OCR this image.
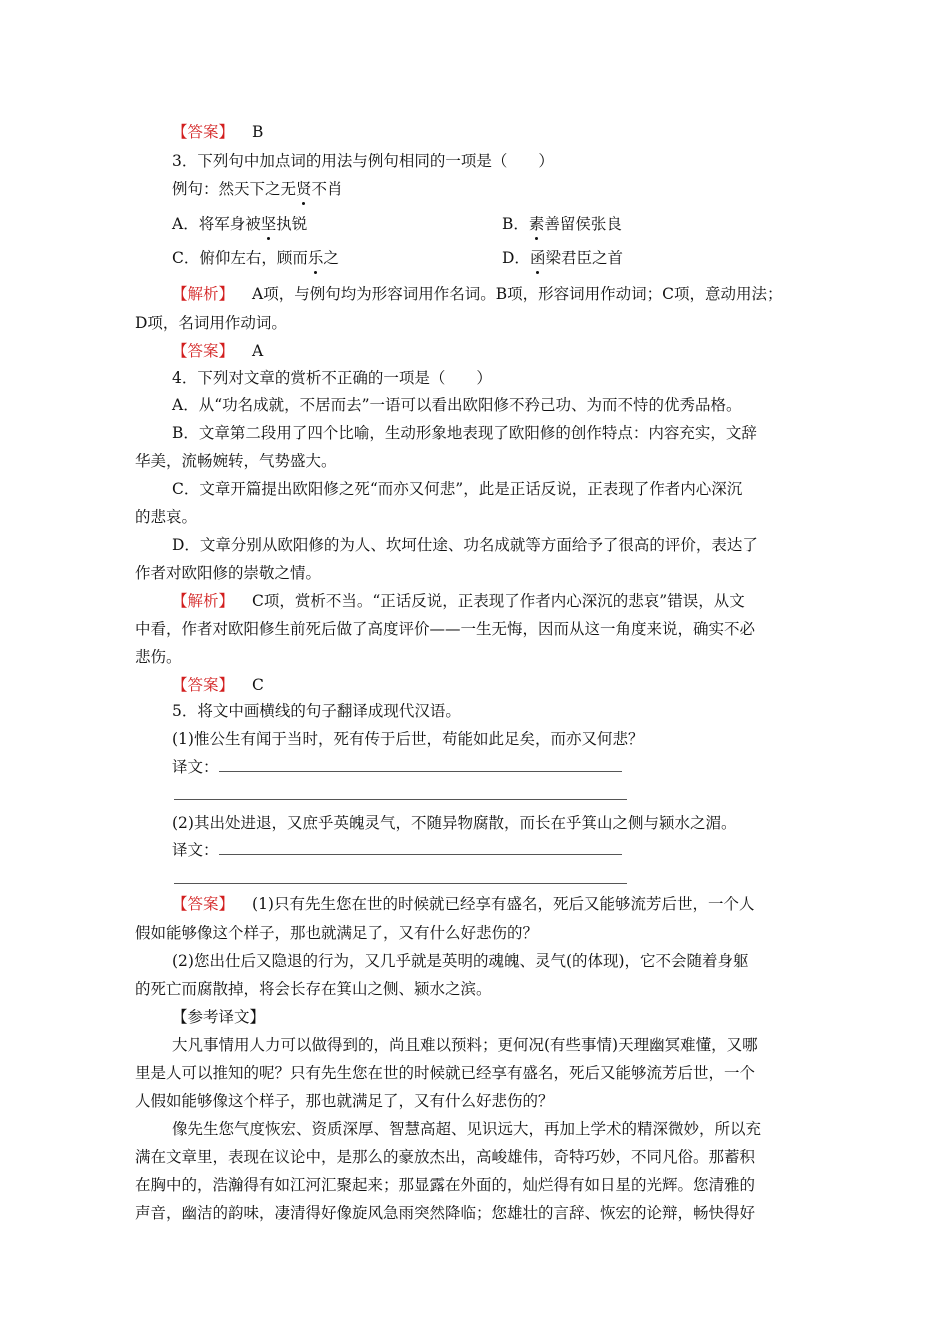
【答案】 B
3．下列句中加点词的用法与例句相同的一项是（　　）
例句：然天下之无贤不肖
A．将军身被坚执锐	B．素善留侯张良
C．俯仰左右，顾而乐之	D．函梁君臣之首
【解析】 A项，与例句均为形容词用作名词。B项，形容词用作动词；C项，意动用法；
D项，名词用作动词。
【答案】 A
4．下列对文章的赏析不正确的一项是（　　）
A．从“功名成就，不居而去”一语可以看出欧阳修不矜己功、为而不恃的优秀品格。
B．文章第二段用了四个比喻，生动形象地表现了欧阳修的创作特点：内容充实，文辞
华美，流畅婉转，气势盛大。
C．文章开篇提出欧阳修之死“而亦又何悲”，此是正话反说，正表现了作者内心深沉
的悲哀。
D．文章分别从欧阳修的为人、坎坷仕途、功名成就等方面给予了很高的评价，表达了
作者对欧阳修的崇敬之情。
【解析】 C项，赏析不当。“正话反说，正表现了作者内心深沉的悲哀”错误，从文
中看，作者对欧阳修生前死后做了高度评价——一生无悔，因而从这一角度来说，确实不必
悲伤。
【答案】 C
5．将文中画横线的句子翻译成现代汉语。
(1)惟公生有闻于当时，死有传于后世，苟能如此足矣，而亦又何悲？
译文：
(2)其出处进退，又庶乎英魄灵气，不随异物腐散，而长在乎箕山之侧与颍水之湄。
译文：
【答案】 (1)只有先生您在世的时候就已经享有盛名，死后又能够流芳后世，一个人
假如能够像这个样子，那也就满足了，又有什么好悲伤的？
(2)您出仕后又隐退的行为，又几乎就是英明的魂魄、灵气(的体现)，它不会随着身躯
的死亡而腐散掉，将会长存在箕山之侧、颍水之滨。
【参考译文】
大凡事情用人力可以做得到的，尚且难以预料；更何况(有些事情)天理幽冥难懂，又哪
里是人可以推知的呢？只有先生您在世的时候就已经享有盛名，死后又能够流芳后世，一个
人假如能够像这个样子，那也就满足了，又有什么好悲伤的？
像先生您气度恢宏、资质深厚、智慧高超、见识远大，再加上学术的精深微妙，所以充
满在文章里，表现在议论中，是那么的豪放杰出，高峻雄伟，奇特巧妙，不同凡俗。那蓄积
在胸中的，浩瀚得有如江河汇聚起来；那显露在外面的，灿烂得有如日星的光辉。您清雅的
声音，幽洁的韵味，凄清得好像旋风急雨突然降临；您雄壮的言辞、恢宏的论辩，畅快得好
